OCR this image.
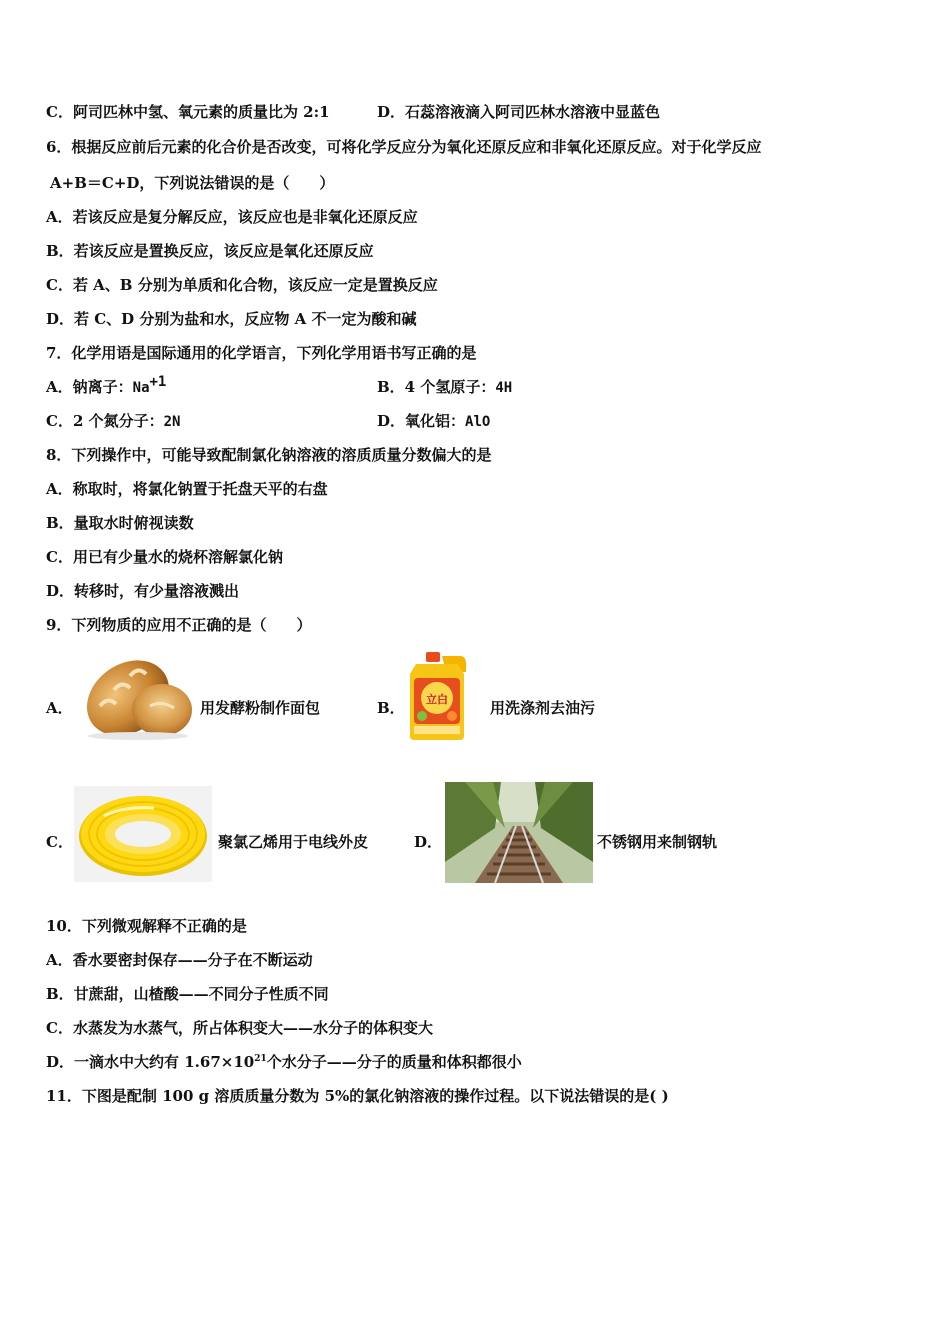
C．阿司匹林中氢、氧元素的质量比为 2:1	D．石蕊溶液滴入阿司匹林水溶液中显蓝色
6．根据反应前后元素的化合价是否改变，可将化学反应分为氧化还原反应和非氧化还原反应。对于化学反应
A+B＝C+D，下列说法错误的是（　　）
A．若该反应是复分解反应，该反应也是非氧化还原反应
B．若该反应是置换反应，该反应是氧化还原反应
C．若 A、B 分别为单质和化合物，该反应一定是置换反应
D．若 C、D 分别为盐和水，反应物 A 不一定为酸和碱
7．化学用语是国际通用的化学语言，下列化学用语书写正确的是
A．钠离子：$Na^{+1}$	B．4 个氢原子：4H
C．2 个氮分子：2N	D．氧化铝：AlO
8．下列操作中，可能导致配制氯化钠溶液的溶质质量分数偏大的是
A．称取时，将氯化钠置于托盘天平的右盘
B．量取水时俯视读数
C．用已有少量水的烧杯溶解氯化钠
D．转移时，有少量溶液溅出
9．下列物质的应用不正确的是（　　）
A．	用发酵粉制作面包	B． 立白	用洗涤剂去油污
C．	聚氯乙烯用于电线外皮	D．	不锈钢用来制钢轨
10．下列微观解释不正确的是
A．香水要密封保存——分子在不断运动
B．甘蔗甜，山楂酸——不同分子性质不同
C．水蒸发为水蒸气，所占体积变大——水分子的体积变大
D．一滴水中大约有 $1.67\times 10^{21}$个水分子——分子的质量和体积都很小
11．下图是配制 100 g 溶质质量分数为 5%的氯化钠溶液的操作过程。以下说法错误的是( )
